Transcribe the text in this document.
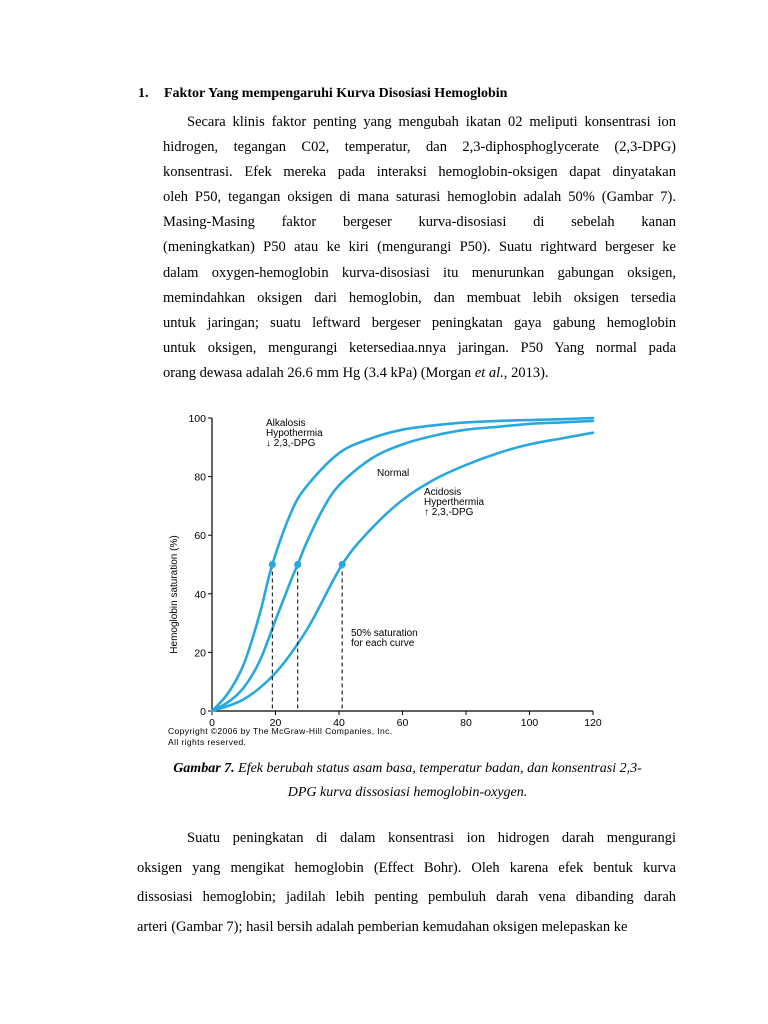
1. Faktor Yang mempengaruhi Kurva Disosiasi Hemoglobin

Secara klinis faktor penting yang mengubah ikatan 02 meliputi konsentrasi ion
hidrogen, tegangan C02, temperatur, dan 2,3-diphosphoglycerate (2,3-DPG)
konsentrasi. Efek mereka pada interaksi hemoglobin-oksigen dapat dinyatakan
oleh P50, tegangan oksigen di mana saturasi hemoglobin adalah 50% (Gambar 7).
Masing-Masing faktor bergeser kurva-disosiasi di sebelah kanan
(meningkatkan) P50 atau ke kiri (mengurangi P50). Suatu rightward bergeser ke
dalam oxygen-hemoglobin kurva-disosiasi itu menurunkan gabungan oksigen,
memindahkan oksigen dari hemoglobin, dan membuat lebih oksigen tersedia
untuk jaringan; suatu leftward bergeser peningkatan gaya gabung hemoglobin
untuk oksigen, mengurangi ketersediaa.nnya jaringan. P50 Yang normal pada
orang dewasa adalah 26.6 mm Hg (3.4 kPa) (Morgan et al., 2013).

0	20	40	60	80	100	120
0
20
40
60
80
100
Hemoglobin saturation (%)
Normal
Alkalosis
Hypothermia
↓ 2,3,-DPG
Acidosis
Hyperthermia
↑ 2,3,-DPG
50% saturation
for each curve
Copyright ©2006 by The McGraw-Hill Companies, Inc.
All rights reserved.

Gambar 7. Efek berubah status asam basa, temperatur badan, dan konsentrasi 2,3-
DPG kurva dissosiasi hemoglobin-oxygen.

Suatu peningkatan di dalam konsentrasi ion hidrogen darah mengurangi
oksigen yang mengikat hemoglobin (Effect Bohr). Oleh karena efek bentuk kurva
dissosiasi hemoglobin; jadilah lebih penting pembuluh darah vena dibanding darah
arteri (Gambar 7); hasil bersih adalah pemberian kemudahan oksigen melepaskan ke
